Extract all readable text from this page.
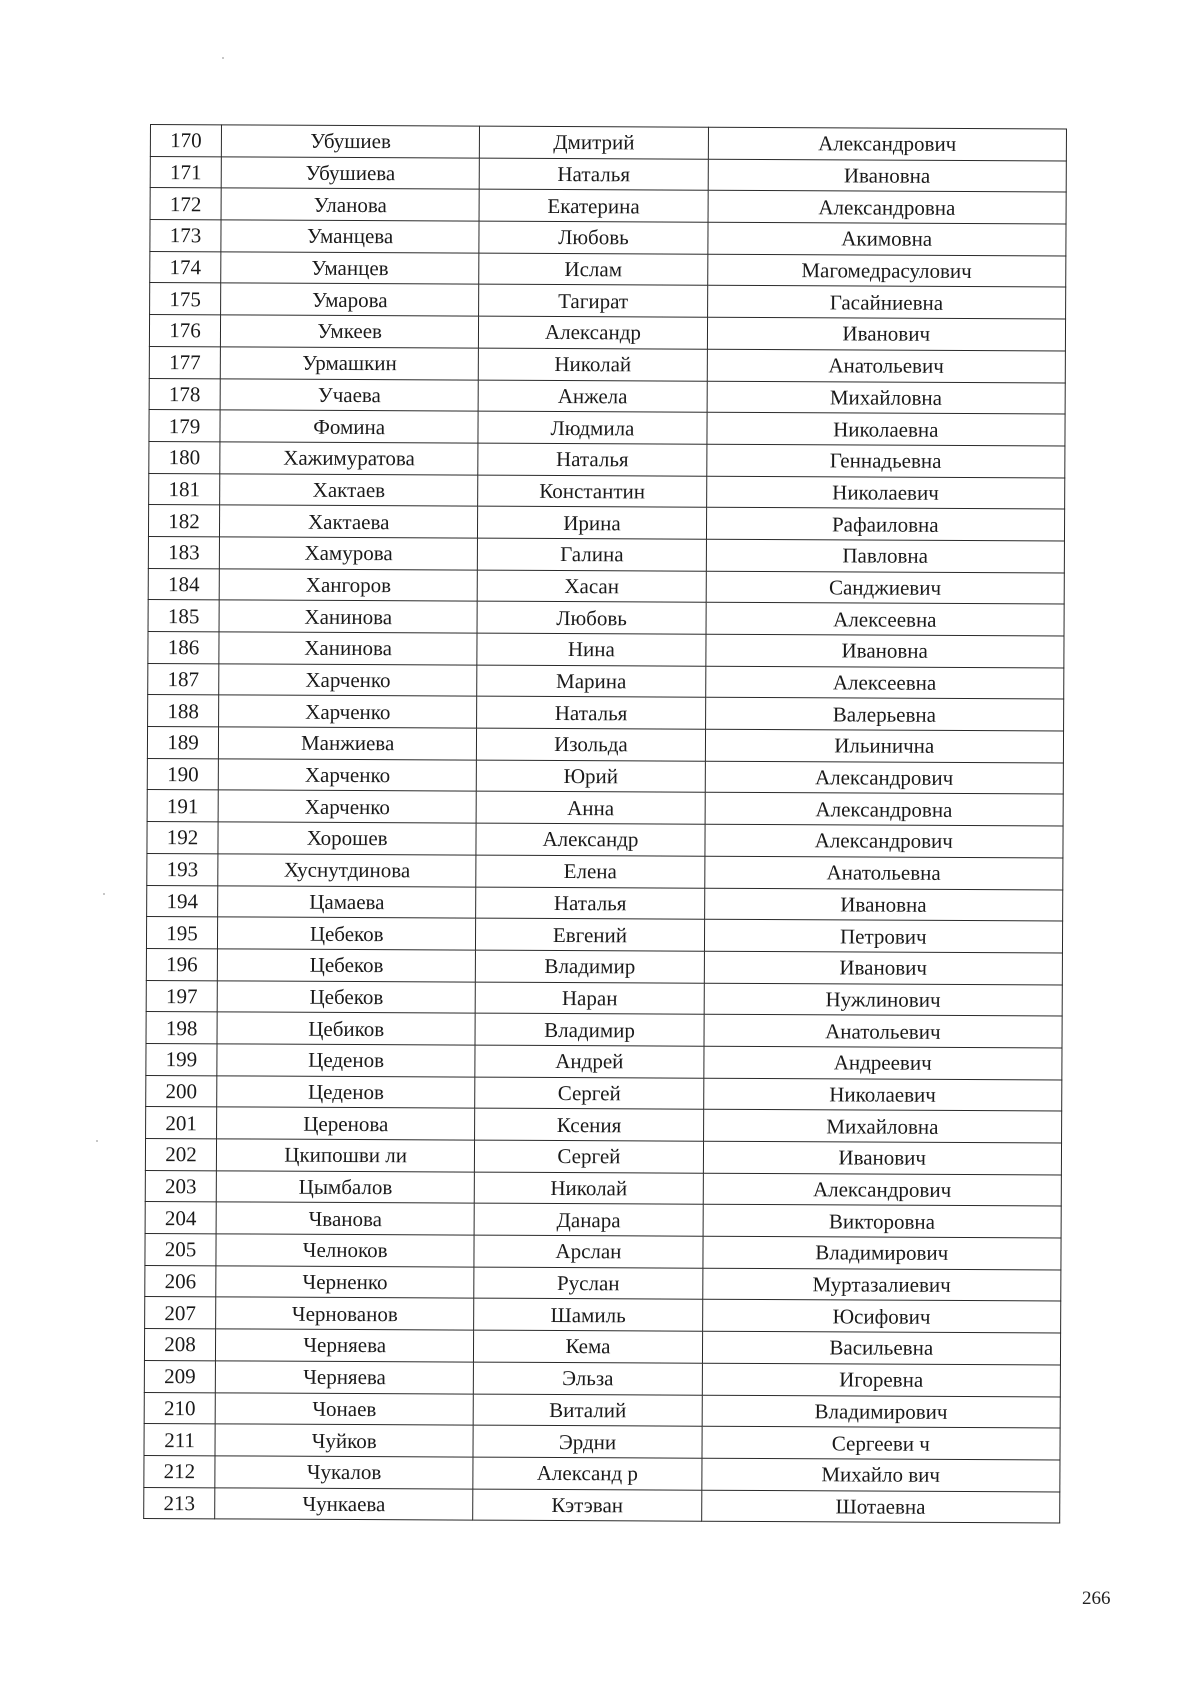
170	Убушиев	Дмитрий	Александрович
171	Убушиева	Наталья	Ивановна
172	Уланова	Екатерина	Александровна
173	Уманцева	Любовь	Акимовна
174	Уманцев	Ислам	Магомедрасулович
175	Умарова	Тагират	Гасайниевна
176	Умкеев	Александр	Иванович
177	Урмашкин	Николай	Анатольевич
178	Учаева	Анжела	Михайловна
179	Фомина	Людмила	Николаевна
180	Хажимуратова	Наталья	Геннадьевна
181	Хактаев	Константин	Николаевич
182	Хактаева	Ирина	Рафаиловна
183	Хамурова	Галина	Павловна
184	Хангоров	Хасан	Санджиевич
185	Ханинова	Любовь	Алексеевна
186	Ханинова	Нина	Ивановна
187	Харченко	Марина	Алексеевна
188	Харченко	Наталья	Валерьевна
189	Манжиева	Изольда	Ильинична
190	Харченко	Юрий	Александрович
191	Харченко	Анна	Александровна
192	Хорошев	Александр	Александрович
193	Хуснутдинова	Елена	Анатольевна
194	Цамаева	Наталья	Ивановна
195	Цебеков	Евгений	Петрович
196	Цебеков	Владимир	Иванович
197	Цебеков	Наран	Нужлинович
198	Цебиков	Владимир	Анатольевич
199	Цеденов	Андрей	Андреевич
200	Цеденов	Сергей	Николаевич
201	Церенова	Ксения	Михайловна
202	Цкипошви ли	Сергей	Иванович
203	Цымбалов	Николай	Александрович
204	Чванова	Данара	Викторовна
205	Челноков	Арслан	Владимирович
206	Черненко	Руслан	Муртазалиевич
207	Чернованов	Шамиль	Юсифович
208	Черняева	Кема	Васильевна
209	Черняева	Эльза	Игоревна
210	Чонаев	Виталий	Владимирович
211	Чуйков	Эрдни	Сергееви ч
212	Чукалов	Александ р	Михайло вич
213	Чункаева	Кэтэван	Шотаевна
266
